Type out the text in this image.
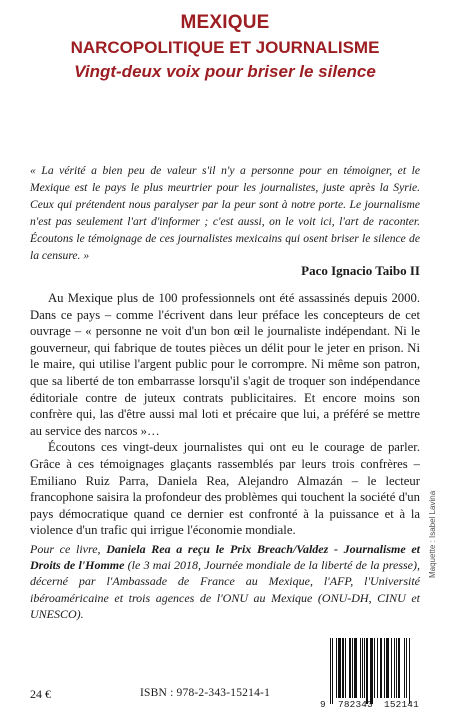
MEXIQUE
NARCOPOLITIQUE ET JOURNALISME
Vingt-deux voix pour briser le silence

« La vérité a bien peu de valeur s'il n'y a personne pour en témoigner, et le Mexique est le pays le plus meurtrier pour les journalistes, juste après la Syrie. Ceux qui prétendent nous paralyser par la peur sont à notre porte. Le journalisme n'est pas seulement l'art d'informer ; c'est aussi, on le voit ici, l'art de raconter. Écoutons le témoignage de ces journalistes mexicains qui osent briser le silence de la censure. »

Paco Ignacio Taibo II

Au Mexique plus de 100 professionnels ont été assassinés depuis 2000. Dans ce pays – comme l'écrivent dans leur préface les concepteurs de cet ouvrage – « personne ne voit d'un bon œil le journaliste indépendant. Ni le gouverneur, qui fabrique de toutes pièces un délit pour le jeter en prison. Ni le maire, qui utilise l'argent public pour le corrompre. Ni même son patron, que sa liberté de ton embarrasse lorsqu'il s'agit de troquer son indépendance éditoriale contre de juteux contrats publicitaires. Et encore moins son confrère qui, las d'être aussi mal loti et précaire que lui, a préféré se mettre au service des narcos »…

Écoutons ces vingt-deux journalistes qui ont eu le courage de parler. Grâce à ces témoignages glaçants rassemblés par leurs trois confrères – Emiliano Ruiz Parra, Daniela Rea, Alejandro Almazán – le lecteur francophone saisira la profondeur des problèmes qui touchent la société d'un pays démocratique quand ce dernier est confronté à la puissance et à la violence d'un trafic qui irrigue l'économie mondiale.

Pour ce livre, Daniela Rea a reçu le Prix Breach/Valdez - Journalisme et Droits de l'Homme (le 3 mai 2018, Journée mondiale de la liberté de la presse), décerné par l'Ambassade de France au Mexique, l'AFP, l'Université ibéroaméricaine et trois agences de l'ONU au Mexique (ONU-DH, CINU et UNESCO).

24 €	ISBN : 978-2-343-15214-1

Maquette : Isabel Lavina
9 782343 152141
